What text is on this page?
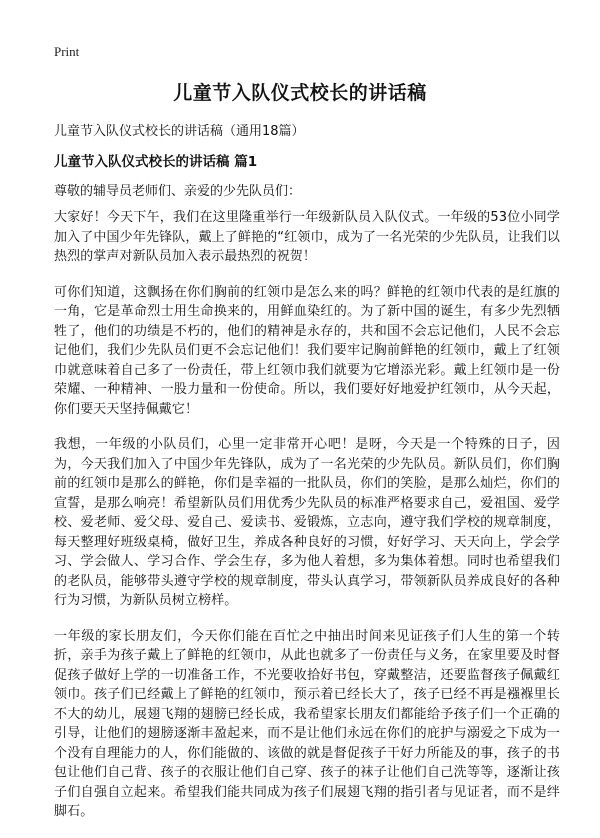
Print
儿童节入队仪式校长的讲话稿

儿童节入队仪式校长的讲话稿（通用18篇）

儿童节入队仪式校长的讲话稿 篇1

尊敬的辅导员老师们、亲爱的少先队员们：

大家好！今天下午，我们在这里隆重举行一年级新队员入队仪式。一年级的53位小同学加入了中国少年先锋队，戴上了鲜艳的“红领巾，成为了一名光荣的少先队员，让我们以热烈的掌声对新队员加入表示最热烈的祝贺！

可你们知道，这飘扬在你们胸前的红领巾是怎么来的吗？鲜艳的红领巾代表的是红旗的一角，它是革命烈士用生命换来的，用鲜血染红的。为了新中国的诞生，有多少先烈牺牲了，他们的功绩是不朽的，他们的精神是永存的，共和国不会忘记他们，人民不会忘记他们，我们少先队员们更不会忘记他们！我们要牢记胸前鲜艳的红领巾，戴上了红领巾就意味着自己多了一份责任，带上红领巾我们就要为它增添光彩。戴上红领巾是一份荣耀、一种精神、一股力量和一份使命。所以，我们要好好地爱护红领巾，从今天起，你们要天天坚持佩戴它！

我想，一年级的小队员们，心里一定非常开心吧！是呀，今天是一个特殊的日子，因为，今天我们加入了中国少年先锋队，成为了一名光荣的少先队员。新队员们，你们胸前的红领巾是那么的鲜艳，你们是幸福的一批队员，你们的笑脸，是那么灿烂，你们的宣誓，是那么响亮！希望新队员们用优秀少先队员的标准严格要求自己，爱祖国、爱学校、爱老师、爱父母、爱自己、爱读书、爱锻炼，立志向，遵守我们学校的规章制度，每天整理好班级桌椅，做好卫生，养成各种良好的习惯，好好学习、天天向上，学会学习、学会做人、学习合作、学会生存，多为他人着想，多为集体着想。同时也希望我们的老队员，能够带头遵守学校的规章制度，带头认真学习，带领新队员养成良好的各种行为习惯，为新队员树立榜样。

一年级的家长朋友们，今天你们能在百忙之中抽出时间来见证孩子们人生的第一个转折，亲手为孩子戴上了鲜艳的红领巾，从此也就多了一份责任与义务，在家里要及时督促孩子做好上学的一切准备工作，不光要收拾好书包，穿戴整洁，还要监督孩子佩戴红领巾。孩子们已经戴上了鲜艳的红领巾，预示着已经长大了，孩子已经不再是襁褓里长不大的幼儿，展翅飞翔的翅膀已经长成，我希望家长朋友们都能给予孩子们一个正确的引导，让他们的翅膀逐渐丰盈起来，而不是让他们永远在你们的庇护与溺爱之下成为一个没有自理能力的人，你们能做的、该做的就是督促孩子干好力所能及的事，孩子的书包让他们自己背、孩子的衣服让他们自己穿、孩子的袜子让他们自己洗等等，逐渐让孩子们自强自立起来。希望我们能共同成为孩子们展翅飞翔的指引者与见证者，而不是绊脚石。
